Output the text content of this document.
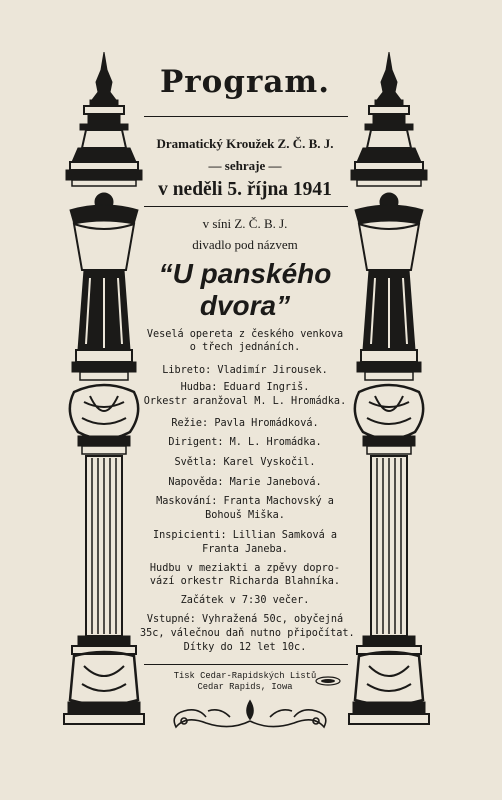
Program.
Dramatický Kroužek Z. Č. B. J.
— sehraje —
v neděli 5. října 1941
v síni Z. Č. B. J.
divadlo pod názvem
“U panského
dvora”
Veselá opereta z českého venkova
o třech jednáních.
Libreto: Vladimír Jirousek.
Hudba: Eduard Ingriš.
Orkestr aranžoval M. L. Hromádka.
Režie: Pavla Hromádková.
Dirigent: M. L. Hromádka.
Světla: Karel Vyskočil.
Napověda: Marie Janebová.
Maskování: Franta Machovský a
Bohouš Miška.
Inspicienti: Lillian Samková a
Franta Janeba.
Hudbu v meziakti a zpěvy dopro-
vází orkestr Richarda Blahníka.
Začátek v 7:30 večer.
Vstupné: Vyhražená 50c, obyčejná
35c, válečnou daň nutno připočítat.
Dítky do 12 let 10c.
Tisk Cedar-Rapidských Listů
Cedar Rapids, Iowa
